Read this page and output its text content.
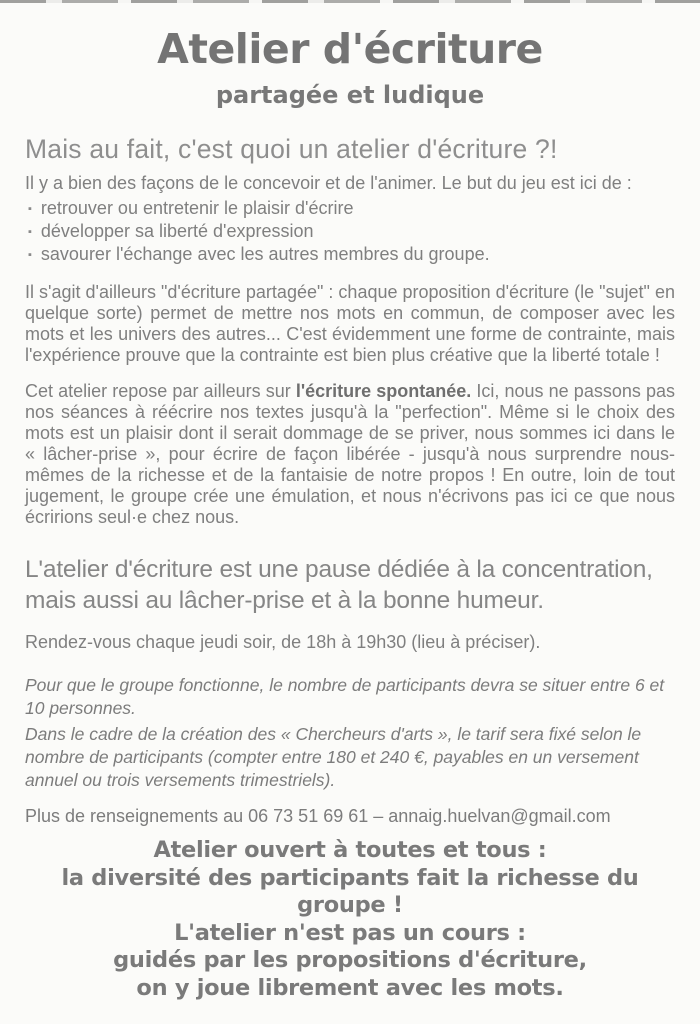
Atelier d'écriture
partagée et ludique
Mais au fait, c'est quoi un atelier d'écriture ?!

Il y a bien des façons de le concevoir et de l'animer. Le but du jeu est ici de :

▪ retrouver ou entretenir le plaisir d'écrire
▪ développer sa liberté d'expression
▪ savourer l'échange avec les autres membres du groupe.

Il s'agit d'ailleurs "d'écriture partagée" : chaque proposition d'écriture (le "sujet" en quelque sorte) permet de mettre nos mots en commun, de composer avec les mots et les univers des autres... C'est évidemment une forme de contrainte, mais l'expérience prouve que la contrainte est bien plus créative que la liberté totale !

Cet atelier repose par ailleurs sur l'écriture spontanée. Ici, nous ne passons pas nos séances à réécrire nos textes jusqu'à la "perfection". Même si le choix des mots est un plaisir dont il serait dommage de se priver, nous sommes ici dans le « lâcher-prise », pour écrire de façon libérée - jusqu'à nous surprendre nous-mêmes de la richesse et de la fantaisie de notre propos ! En outre, loin de tout jugement, le groupe crée une émulation, et nous n'écrivons pas ici ce que nous écririons seul·e chez nous.

L'atelier d'écriture est une pause dédiée à la concentration,
mais aussi au lâcher-prise et à la bonne humeur.

Rendez-vous chaque jeudi soir, de 18h à 19h30 (lieu à préciser).

Pour que le groupe fonctionne, le nombre de participants devra se situer entre 6 et 10 personnes.
Dans le cadre de la création des « Chercheurs d'arts », le tarif sera fixé selon le nombre de participants (compter entre 180 et 240 €, payables en un versement annuel ou trois versements trimestriels).

Plus de renseignements au 06 73 51 69 61 – annaig.huelvan@gmail.com

Atelier ouvert à toutes et tous :
la diversité des participants fait la richesse du groupe !
L'atelier n'est pas un cours :
guidés par les propositions d'écriture,
on y joue librement avec les mots.
